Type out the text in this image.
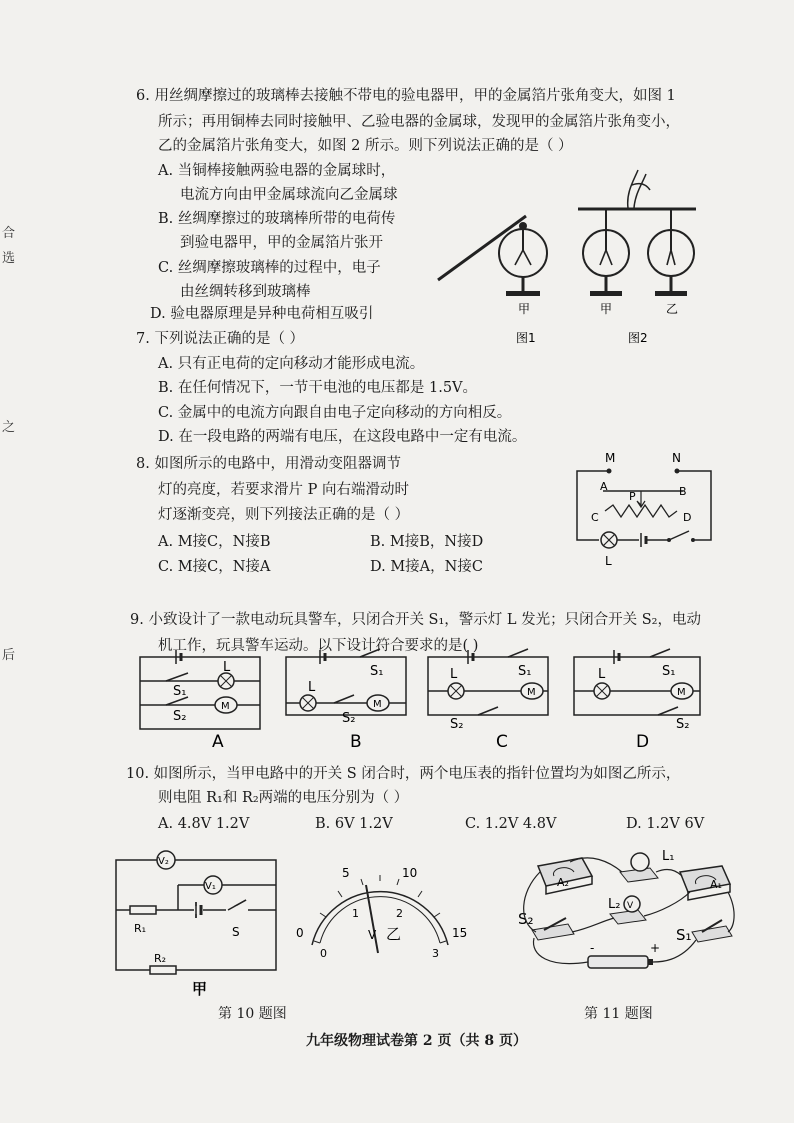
合
选
之
后
6. 用丝绸摩擦过的玻璃棒去接触不带电的验电器甲，甲的金属箔片张角变大，如图 1
所示；再用铜棒去同时接触甲、乙验电器的金属球，发现甲的金属箔片张角变小，
乙的金属箔片张角变大，如图 2 所示。则下列说法正确的是（ ）
A. 当铜棒接触两验电器的金属球时，
电流方向由甲金属球流向乙金属球
B. 丝绸摩擦过的玻璃棒所带的电荷传
到验电器甲，甲的金属箔片张开
C. 丝绸摩擦玻璃棒的过程中，电子
由丝绸转移到玻璃棒
D. 验电器原理是异种电荷相互吸引	甲
图1
甲	乙
图2
7. 下列说法正确的是（ ）
A. 只有正电荷的定向移动才能形成电流。
B. 在任何情况下，一节干电池的电压都是 1.5V。
C. 金属中的电流方向跟自由电子定向移动的方向相反。
D. 在一段电路的两端有电压，在这段电路中一定有电流。
8. 如图所示的电路中，用滑动变阻器调节
灯的亮度，若要求滑片 P 向右端滑动时
灯逐渐变亮，则下列接法正确的是（ ）
A. M接C，N接B	B. M接B，N接D
C. M接C，N接A	D. M接A，N接C
M	N
A	B
P
C	D
L
9. 小致设计了一款电动玩具警车，只闭合开关 S₁，警示灯 L 发光；只闭合开关 S₂，电动
机工作，玩具警车运动。以下设计符合要求的是( )
L
S₁
S₂
M
A
S₁
L
S₂
M
B
S₁
L
S₂
M
C
S₁
L
S₂
M
D
10. 如图所示，当甲电路中的开关 S 闭合时，两个电压表的指针位置均为如图乙所示，
则电阻 R₁和 R₂两端的电压分别为（ ）
A. 4.8V 1.2V	B. 6V 1.2V	C. 1.2V 4.8V	D. 1.2V 6V
V₂
V₁
R₁	S
R₂
甲
0
5	10
15
0
1	2
3
V 乙
A₂
L₁
A₁
L₂ V
S₂
S₁
-	+
第 10 题图	第 11 题图
九年级物理试卷第 2 页（共 8 页）
